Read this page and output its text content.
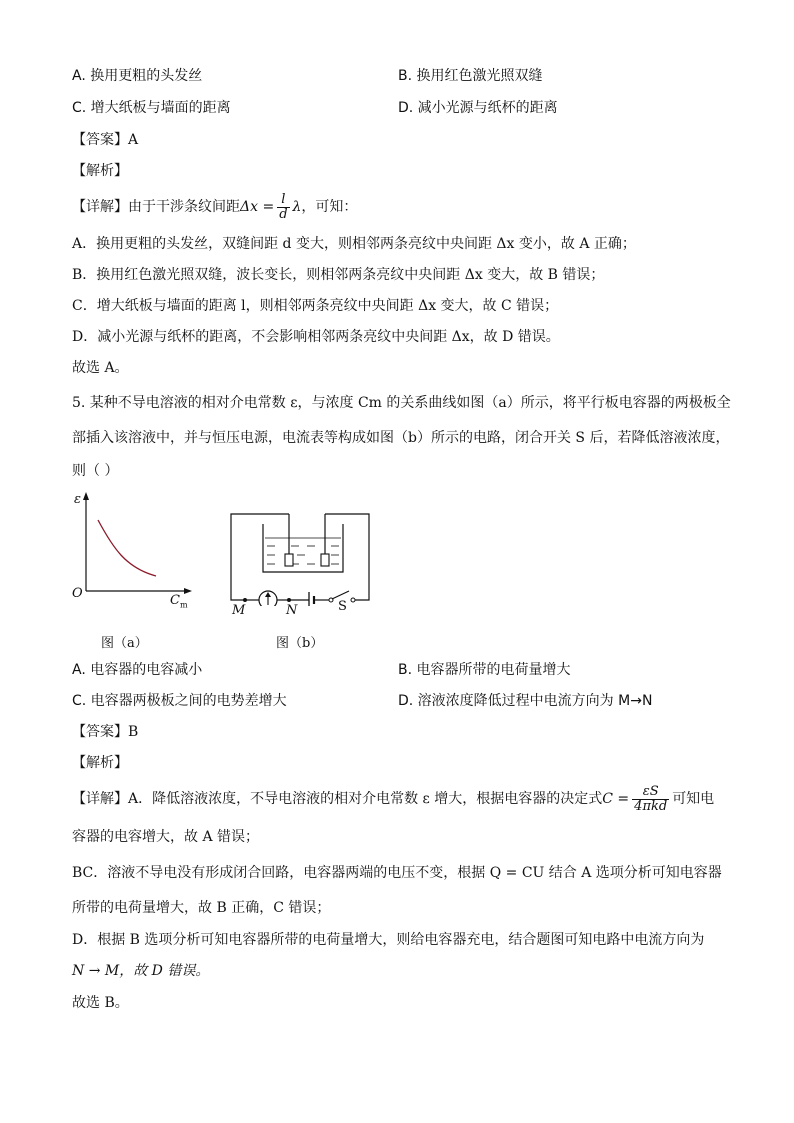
A. 换用更粗的头发丝	B. 换用红色激光照双缝
C. 增大纸板与墙面的距离	D. 减小光源与纸杯的距离
【答案】A
【解析】
【详解】由于干涉条纹间距$\Delta x = \frac{l}{d}$ λ，可知：
A．换用更粗的头发丝，双缝间距 d 变大，则相邻两条亮纹中央间距 Δx 变小，故 A 正确；
B．换用红色激光照双缝，波长变长，则相邻两条亮纹中央间距 Δx 变大，故 B 错误；
C．增大纸板与墙面的距离 l，则相邻两条亮纹中央间距 Δx 变大，故 C 错误；
D．减小光源与纸杯的距离，不会影响相邻两条亮纹中央间距 Δx，故 D 错误。
故选 A。
5. 某种不导电溶液的相对介电常数 ε，与浓度 Cm 的关系曲线如图（a）所示，将平行板电容器的两极板全
部插入该溶液中，并与恒压电源，电流表等构成如图（b）所示的电路，闭合开关 S 后，若降低溶液浓度，
则（ ）
ε
O	$C_m$
图（a）
M	N	S
图（b）
A. 电容器的电容减小	B. 电容器所带的电荷量增大
C. 电容器两极板之间的电势差增大	D. 溶液浓度降低过程中电流方向为 M→N
【答案】B
【解析】
【详解】A．降低溶液浓度，不导电溶液的相对介电常数 ε 增大，根据电容器的决定式$C = \frac{\varepsilon S}{\text{4πkd}}$ 可知电
容器的电容增大，故 A 错误；
BC．溶液不导电没有形成闭合回路，电容器两端的电压不变，根据 Q = CU 结合 A 选项分析可知电容器
所带的电荷量增大，故 B 正确，C 错误；
D．根据 B 选项分析可知电容器所带的电荷量增大，则给电容器充电，结合题图可知电路中电流方向为
N → M，故 D 错误。
故选 B。
